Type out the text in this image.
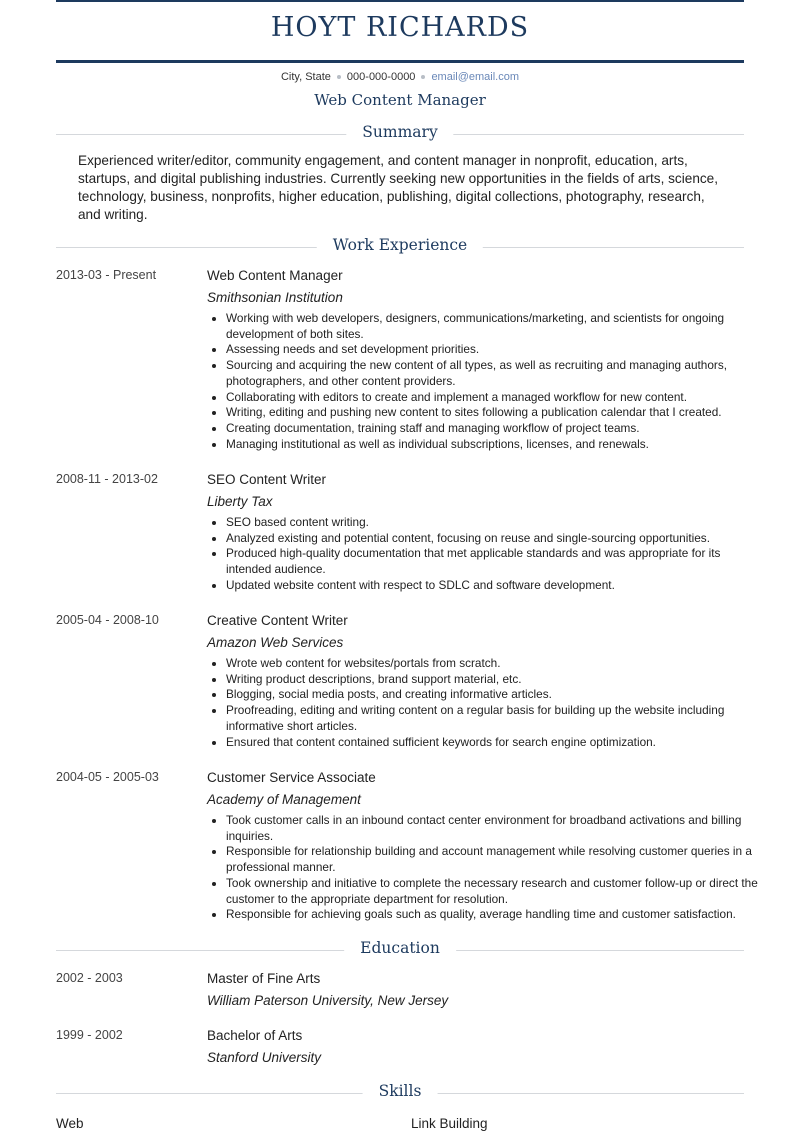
HOYT RICHARDS
City, State 000-000-0000 email@email.com
Web Content Manager
Summary

Experienced writer/editor, community engagement, and content manager in nonprofit, education, arts, startups, and digital publishing industries. Currently seeking new opportunities in the fields of arts, science, technology, business, nonprofits, higher education, publishing, digital collections, photography, research, and writing.

Work Experience
2013-03 - Present	Web Content Manager
Smithsonian Institution
• Working with web developers, designers, communications/marketing, and scientists for ongoing development of both sites.
• Assessing needs and set development priorities.
• Sourcing and acquiring the new content of all types, as well as recruiting and managing authors, photographers, and other content providers.
• Collaborating with editors to create and implement a managed workflow for new content.
• Writing, editing and pushing new content to sites following a publication calendar that I created.
• Creating documentation, training staff and managing workflow of project teams.
• Managing institutional as well as individual subscriptions, licenses, and renewals.
2008-11 - 2013-02	SEO Content Writer
Liberty Tax
• SEO based content writing.
• Analyzed existing and potential content, focusing on reuse and single-sourcing opportunities.
• Produced high-quality documentation that met applicable standards and was appropriate for its intended audience.
• Updated website content with respect to SDLC and software development.
2005-04 - 2008-10	Creative Content Writer
Amazon Web Services
• Wrote web content for websites/portals from scratch.
• Writing product descriptions, brand support material, etc.
• Blogging, social media posts, and creating informative articles.
• Proofreading, editing and writing content on a regular basis for building up the website including informative short articles.
• Ensured that content contained sufficient keywords for search engine optimization.
2004-05 - 2005-03	Customer Service Associate
Academy of Management
• Took customer calls in an inbound contact center environment for broadband activations and billing inquiries.
• Responsible for relationship building and account management while resolving customer queries in a professional manner.
• Took ownership and initiative to complete the necessary research and customer follow-up or direct the customer to the appropriate department for resolution.
• Responsible for achieving goals such as quality, average handling time and customer satisfaction.
Education
2002 - 2003	Master of Fine Arts
William Paterson University, New Jersey
1999 - 2002	Bachelor of Arts
Stanford University
Skills
Web	Link Building
